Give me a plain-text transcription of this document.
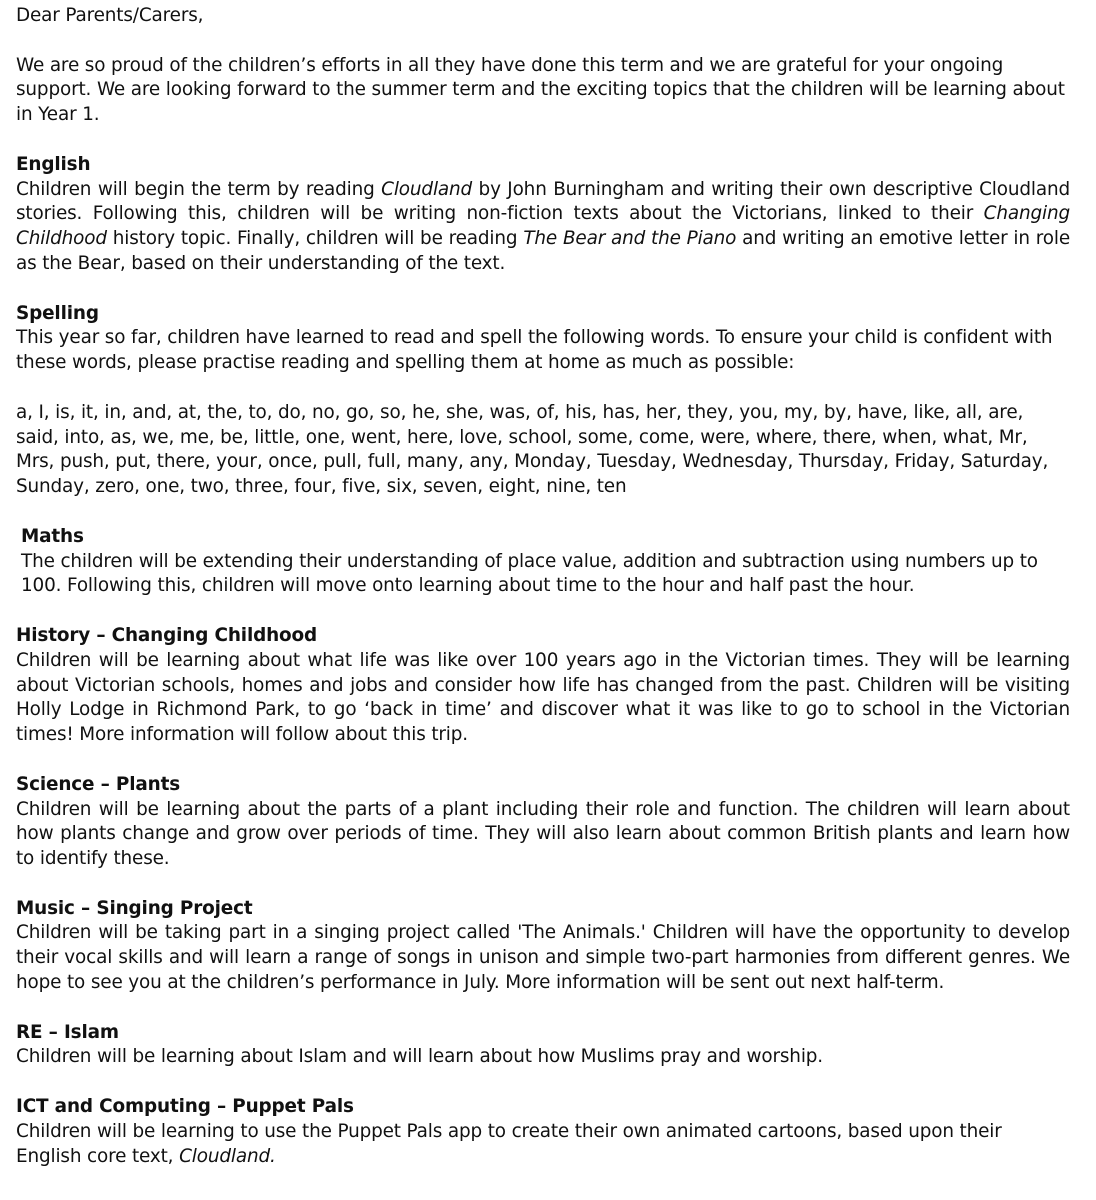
Dear Parents/Carers,

We are so proud of the children’s efforts in all they have done this term and we are grateful for your ongoing support. We are looking forward to the summer term and the exciting topics that the children will be learning about in Year 1.

English

Children will begin the term by reading Cloudland by John Burningham and writing their own descriptive Cloudland stories. Following this, children will be writing non-fiction texts about the Victorians, linked to their Changing Childhood history topic. Finally, children will be reading The Bear and the Piano and writing an emotive letter in role as the Bear, based on their understanding of the text.

Spelling

This year so far, children have learned to read and spell the following words. To ensure your child is confident with these words, please practise reading and spelling them at home as much as possible:

a, I, is, it, in, and, at, the, to, do, no, go, so, he, she, was, of, his, has, her, they, you, my, by, have, like, all, are, said, into, as, we, me, be, little, one, went, here, love, school, some, come, were, where, there, when, what, Mr, Mrs, push, put, there, your, once, pull, full, many, any, Monday, Tuesday, Wednesday, Thursday, Friday, Saturday, Sunday, zero, one, two, three, four, five, six, seven, eight, nine, ten

Maths

The children will be extending their understanding of place value, addition and subtraction using numbers up to 100. Following this, children will move onto learning about time to the hour and half past the hour.

History – Changing Childhood

Children will be learning about what life was like over 100 years ago in the Victorian times. They will be learning about Victorian schools, homes and jobs and consider how life has changed from the past. Children will be visiting Holly Lodge in Richmond Park, to go ‘back in time’ and discover what it was like to go to school in the Victorian times! More information will follow about this trip.

Science – Plants

Children will be learning about the parts of a plant including their role and function. The children will learn about how plants change and grow over periods of time. They will also learn about common British plants and learn how to identify these.

Music – Singing Project

Children will be taking part in a singing project called 'The Animals.' Children will have the opportunity to develop their vocal skills and will learn a range of songs in unison and simple two-part harmonies from different genres. We hope to see you at the children’s performance in July. More information will be sent out next half-term.

RE – Islam

Children will be learning about Islam and will learn about how Muslims pray and worship.

ICT and Computing – Puppet Pals

Children will be learning to use the Puppet Pals app to create their own animated cartoons, based upon their English core text, Cloudland.
